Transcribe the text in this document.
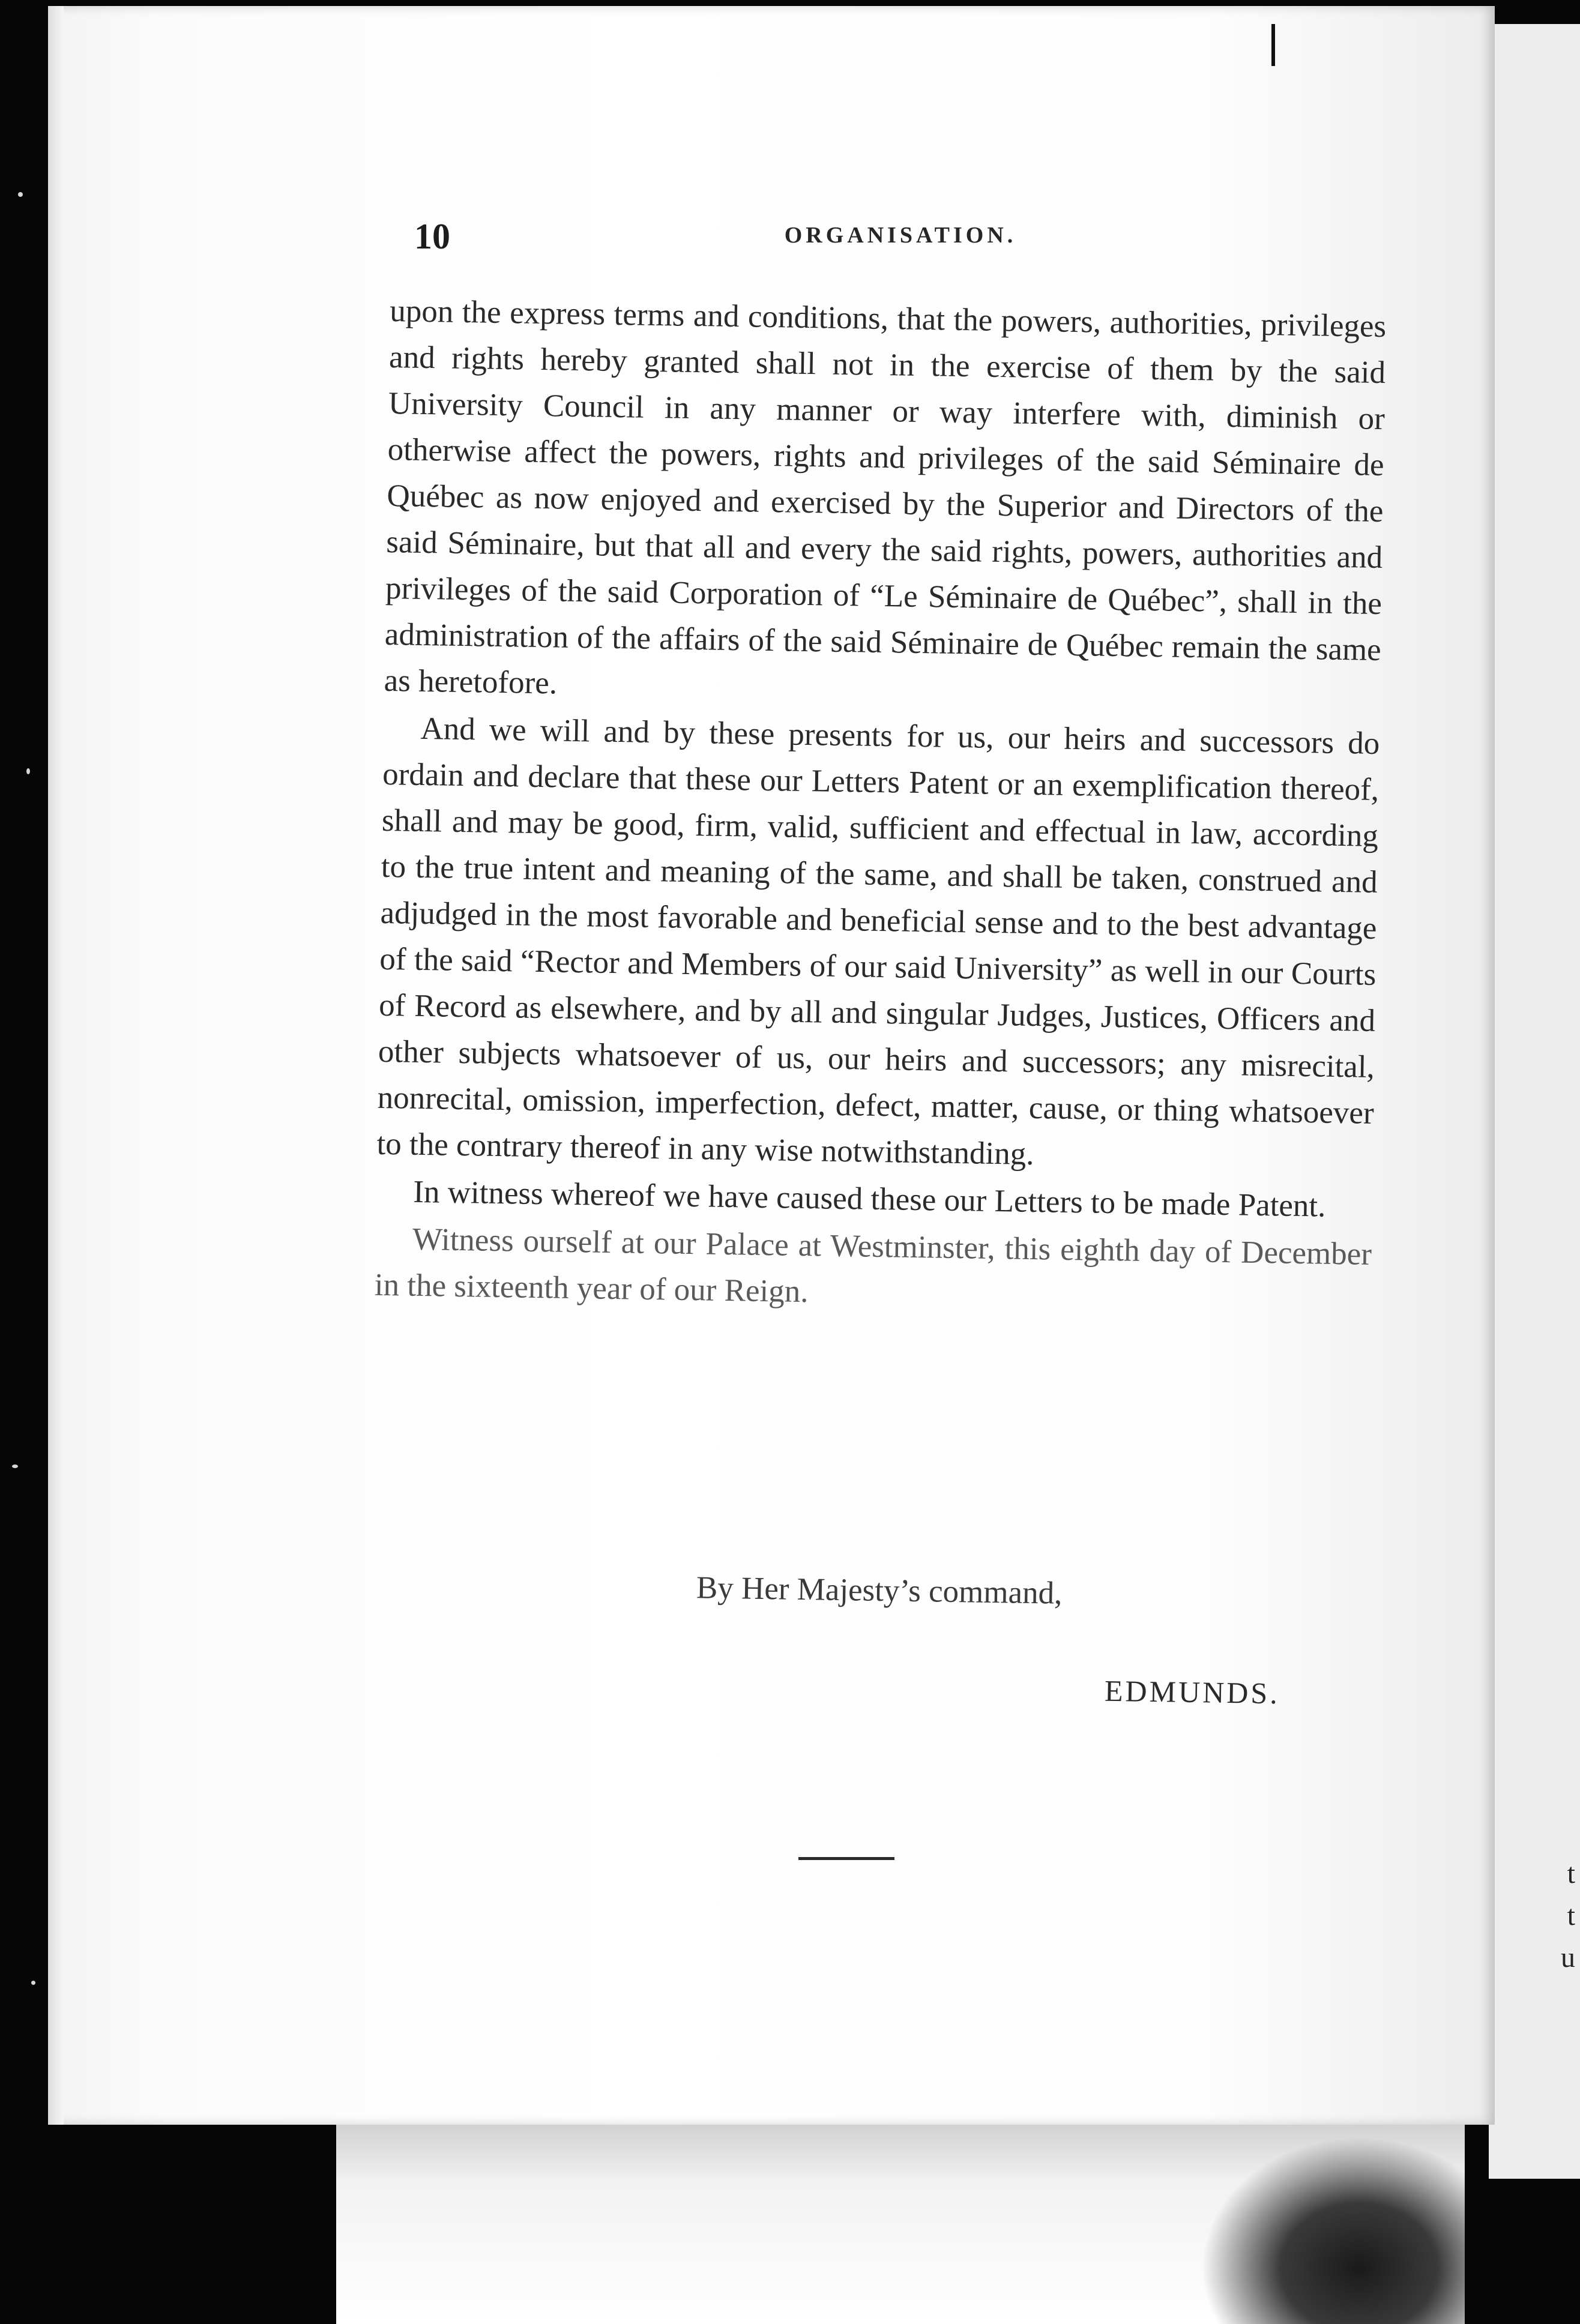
t
t
u
10	ORGANISATION.

upon the express terms and conditions, that the powers, authorities, privileges and rights hereby granted shall not in the exercise of them by the said University Council in any manner or way interfere with, diminish or otherwise affect the powers, rights and privileges of the said Séminaire de Québec as now enjoyed and exercised by the Superior and Directors of the said Séminaire, but that all and every the said rights, powers, authorities and privileges of the said Corporation of “Le Séminaire de Québec”, shall in the administration of the affairs of the said Séminaire de Québec remain the same as heretofore.

And we will and by these presents for us, our heirs and successors do ordain and declare that these our Letters Patent or an exemplification thereof, shall and may be good, firm, valid, sufficient and effectual in law, according to the true intent and meaning of the same, and shall be taken, construed and adjudged in the most favorable and beneficial sense and to the best advantage of the said “Rector and Members of our said University” as well in our Courts of Record as elsewhere, and by all and singular Judges, Justices, Officers and other subjects whatsoever of us, our heirs and successors; any misrecital, nonrecital, omission, imperfection, defect, matter, cause, or thing whatsoever to the contrary thereof in any wise notwithstanding.

In witness whereof we have caused these our Letters to be made Patent.

Witness ourself at our Palace at Westminster, this eighth day of December in the sixteenth year of our Reign.

By Her Majesty’s command,
EDMUNDS.
